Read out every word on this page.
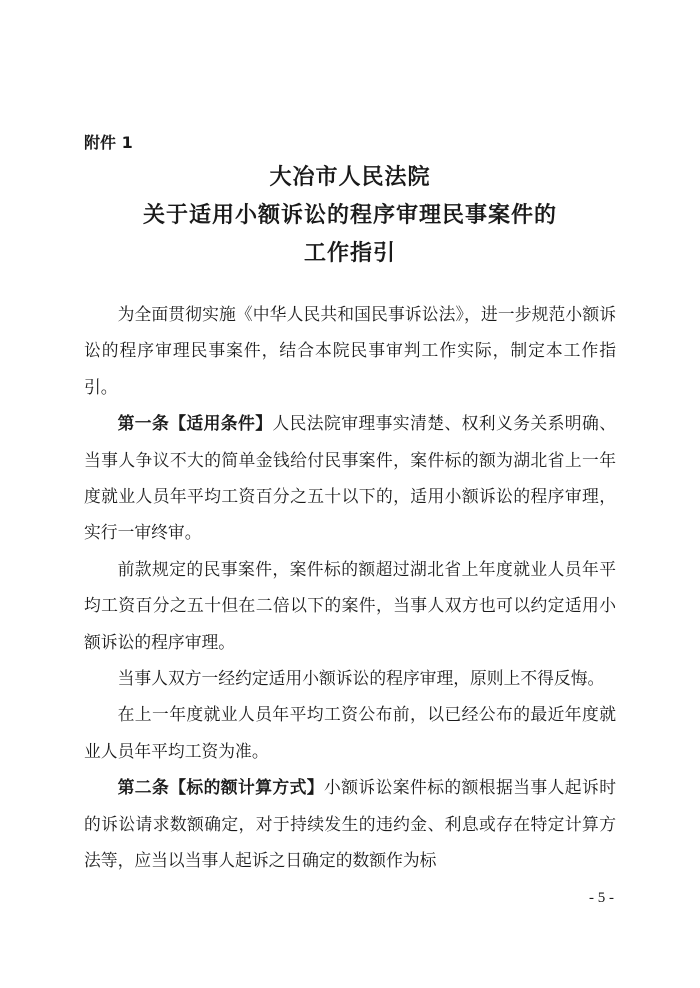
附件 1
大冶市人民法院
关于适用小额诉讼的程序审理民事案件的
工作指引

为全面贯彻实施《中华人民共和国民事诉讼法》，进一步规范小额诉讼的程序审理民事案件，结合本院民事审判工作实际，制定本工作指引。

第一条【适用条件】人民法院审理事实清楚、权利义务关系明确、当事人争议不大的简单金钱给付民事案件，案件标的额为湖北省上一年度就业人员年平均工资百分之五十以下的，适用小额诉讼的程序审理，实行一审终审。

前款规定的民事案件，案件标的额超过湖北省上年度就业人员年平均工资百分之五十但在二倍以下的案件，当事人双方也可以约定适用小额诉讼的程序审理。

当事人双方一经约定适用小额诉讼的程序审理，原则上不得反悔。

在上一年度就业人员年平均工资公布前，以已经公布的最近年度就业人员年平均工资为准。

第二条【标的额计算方式】小额诉讼案件标的额根据当事人起诉时的诉讼请求数额确定，对于持续发生的违约金、利息或存在特定计算方法等，应当以当事人起诉之日确定的数额作为标

- 5 -
